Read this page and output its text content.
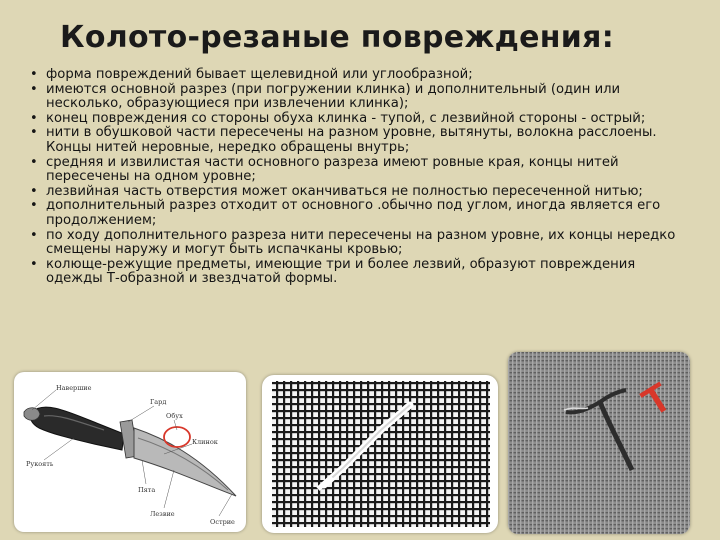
Колото-резаные повреждения:
• форма повреждений бывает щелевидной или углообразной;
• имеются основной разрез (при погружении клинка) и дополнительный (один или несколько, образующиеся при извлечении клинка);
• конец повреждения со стороны обуха клинка - тупой, с лезвийной стороны - острый;
• нити в обушковой части пересечены на разном уровне, вытянуты, волокна расслоены. Концы нитей неровные, нередко обращены внутрь;
• средняя и извилистая части основного разреза имеют ровные края, концы нитей пересечены на одном уровне;
• лезвийная часть отверстия может оканчиваться не полностью пересеченной нитью;
• дополнительный разрез отходит от основного .обычно под углом, иногда является его продолжением;
• по ходу дополнительного разреза нити пересечены на разном уровне, их концы нередко смещены наружу и могут быть испачканы кровью;
• колюще-режущие предметы, имеющие три и более лезвий, образуют повреждения одежды Т-образной и звездчатой формы.
Навершие
Гард
Обух
Рукоять
Клинок
Пята
Лезвие
Острие
Т
